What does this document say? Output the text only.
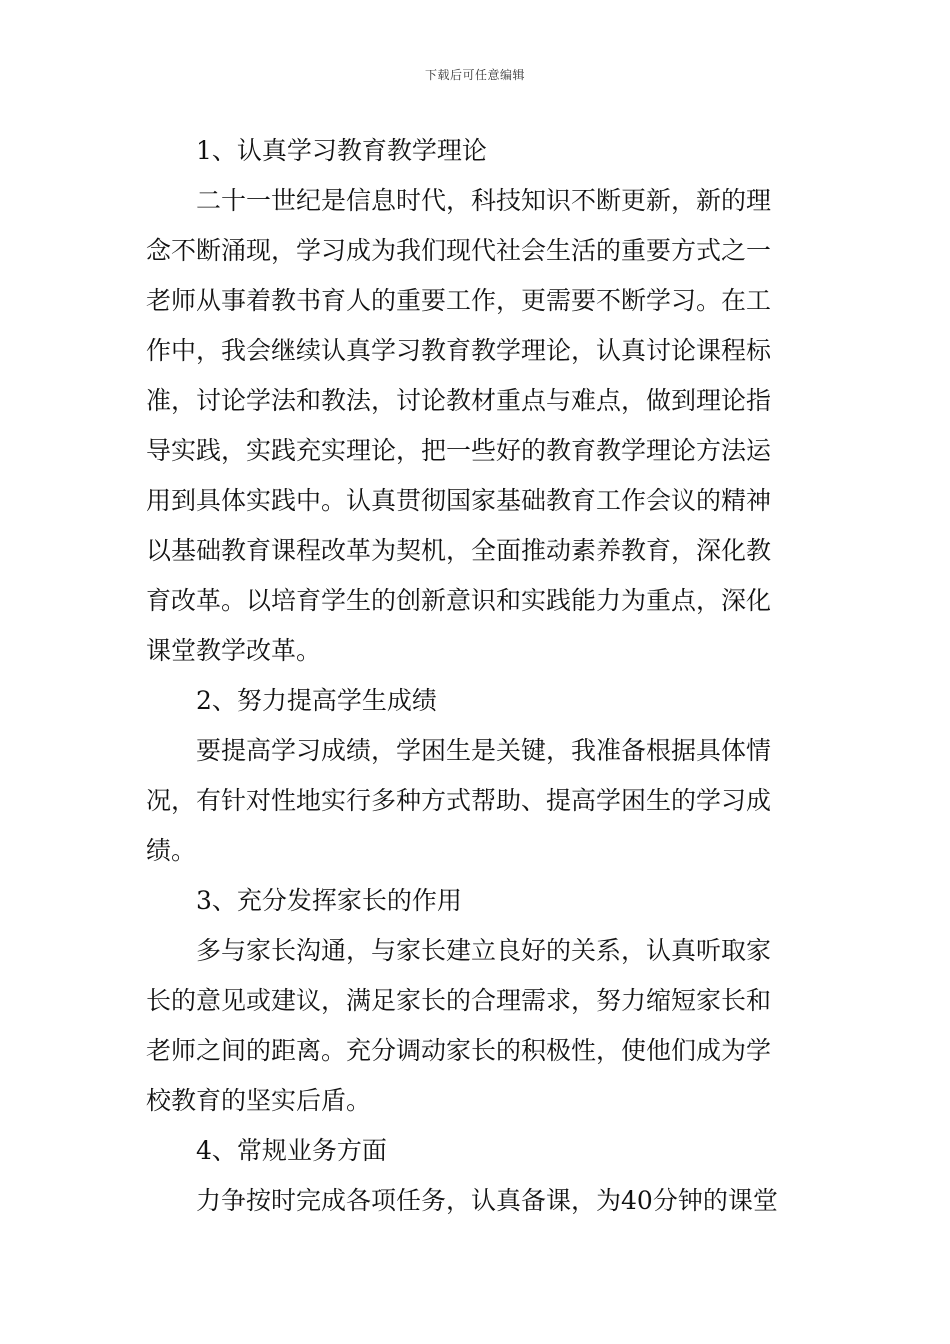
下载后可任意编辑
1、认真学习教育教学理论
二十一世纪是信息时代，科技知识不断更新，新的理
念不断涌现，学习成为我们现代社会生活的重要方式之一
老师从事着教书育人的重要工作，更需要不断学习。在工
作中，我会继续认真学习教育教学理论，认真讨论课程标
准，讨论学法和教法，讨论教材重点与难点，做到理论指
导实践，实践充实理论，把一些好的教育教学理论方法运
用到具体实践中。认真贯彻国家基础教育工作会议的精神
以基础教育课程改革为契机，全面推动素养教育，深化教
育改革。以培育学生的创新意识和实践能力为重点，深化
课堂教学改革。
2、努力提高学生成绩
要提高学习成绩，学困生是关键，我准备根据具体情
况，有针对性地实行多种方式帮助、提高学困生的学习成
绩。
3、充分发挥家长的作用
多与家长沟通，与家长建立良好的关系，认真听取家
长的意见或建议，满足家长的合理需求，努力缩短家长和
老师之间的距离。充分调动家长的积极性，使他们成为学
校教育的坚实后盾。
4、常规业务方面
力争按时完成各项任务，认真备课，为40分钟的课堂
